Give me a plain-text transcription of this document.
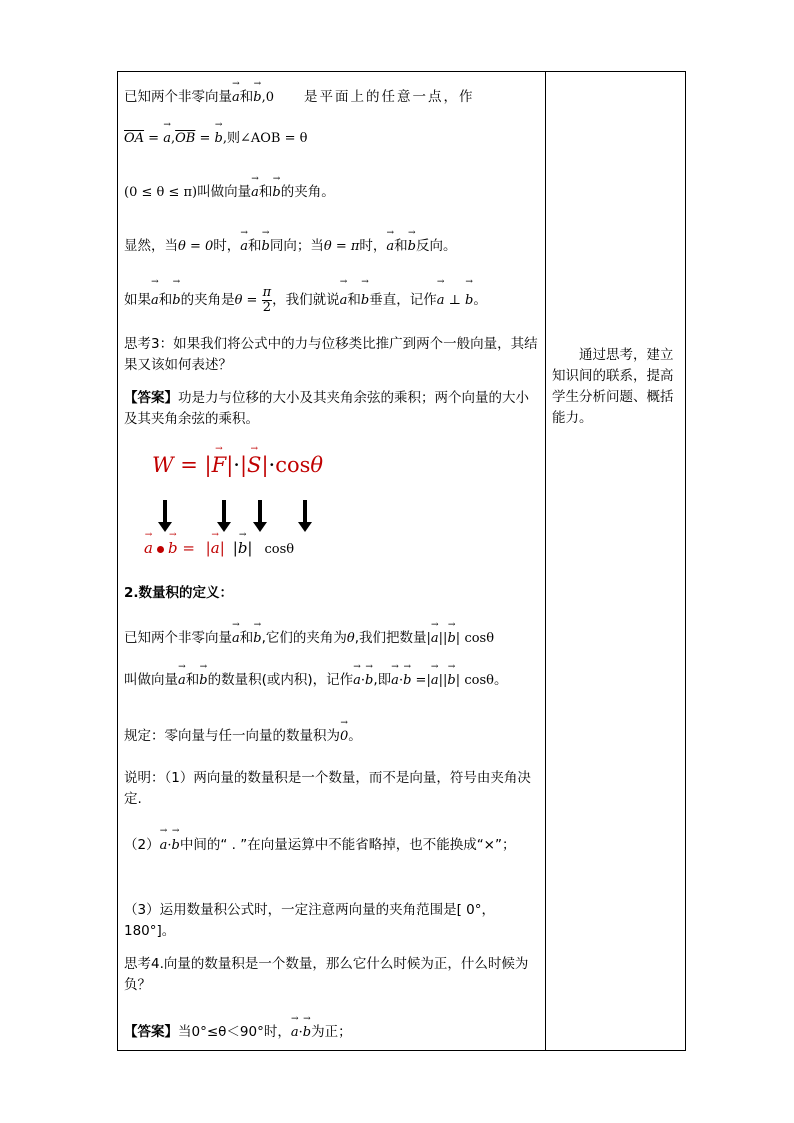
已知两个非零向量→ a和→ b,0 是平面上的任意一点，作
$\overline{OA}$ = → $a,\overline{OB}$ = → b,则∠AOB = θ
(0 ≤ θ ≤ π)叫做向量→ a和→ b的夹角。
显然，当θ = 0时，→ a和→ b同向；当θ = π时，→ a和→ b反向。
如果→ a和→ b的夹角是$\theta = \frac{\pi}{2}$ ，我们就说→ a和→ b垂直，记作→ a ⊥ → b。
思考3：如果我们将公式中的力与位移类比推广到两个一般向量，其结果又该如何表述？
【答案】功是力与位移的大小及其夹角余弦的乘积；两个向量的大小及其夹角余弦的乘积。
W = |→ F|·|→ S|·cosθ
→ a → b = |→ a| |→ b| cosθ
2.数量积的定义：
已知两个非零向量→ a和→ b,它们的夹角为θ,我们把数量|→ a||→ b| cosθ
叫做向量→ a和→ b的数量积(或内积)，记作→ a·→ b,即→ a·→ b =|→ a||→ b| cosθ。
规定：零向量与任一向量的数量积为→ 0。
说明：（1）两向量的数量积是一个数量，而不是向量，符号由夹角决定.
（2）→ a·→ b中间的“ . ”在向量运算中不能省略掉，也不能换成“×”；
（3）运用数量积公式时，一定注意两向量的夹角范围是[ 0°，180°]。
思考4.向量的数量积是一个数量，那么它什么时候为正，什么时候为负？
【答案】当0°≤θ＜90°时，→ a·→ b为正；
通过思考，建立知识间的联系，提高学生分析问题、概括能力。
